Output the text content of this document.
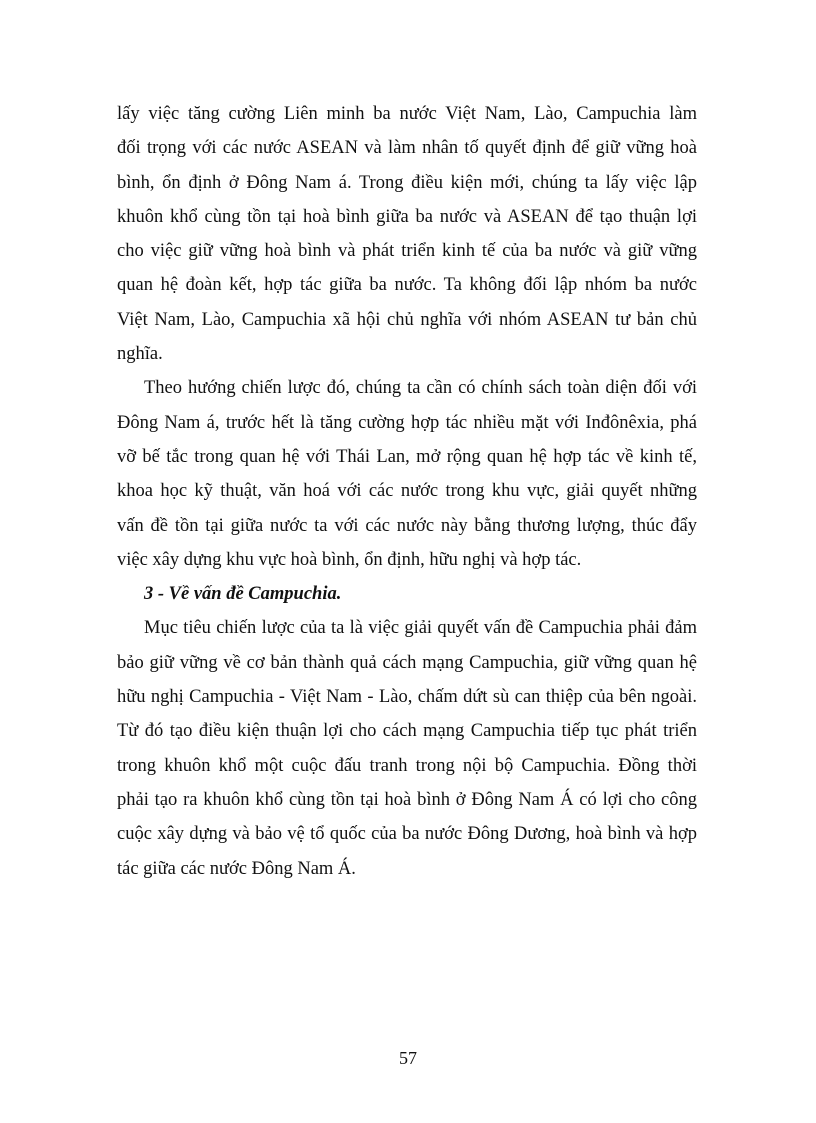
lấy việc tăng cường Liên minh ba nước Việt Nam, Lào, Campuchia làm
đối trọng với các nước ASEAN và làm nhân tố quyết định để giữ vững hoà
bình, ổn định ở Đông Nam á. Trong điều kiện mới, chúng ta lấy việc lập
khuôn khổ cùng tồn tại hoà bình giữa ba nước và ASEAN để tạo thuận lợi
cho việc giữ vững hoà bình và phát triển kinh tế của ba nước và giữ vững
quan hệ đoàn kết, hợp tác giữa ba nước. Ta không đối lập nhóm ba nước
Việt Nam, Lào, Campuchia xã hội chủ nghĩa với nhóm ASEAN tư bản chủ
nghĩa.
Theo hướng chiến lược đó, chúng ta cần có chính sách toàn diện đối với
Đông Nam á, trước hết là tăng cường hợp tác nhiều mặt với Inđônêxia, phá
vỡ bế tắc trong quan hệ với Thái Lan, mở rộng quan hệ hợp tác về kinh tế,
khoa học kỹ thuật, văn hoá với các nước trong khu vực, giải quyết những
vấn đề tồn tại giữa nước ta với các nước này bằng thương lượng, thúc đẩy
việc xây dựng khu vực hoà bình, ổn định, hữu nghị và hợp tác.
3 - Về vấn đề Campuchia.
Mục tiêu chiến lược của ta là việc giải quyết vấn đề Campuchia phải đảm
bảo giữ vững về cơ bản thành quả cách mạng Campuchia, giữ vững quan hệ
hữu nghị Campuchia - Việt Nam - Lào, chấm dứt sù can thiệp của bên ngoài.
Từ đó tạo điều kiện thuận lợi cho cách mạng Campuchia tiếp tục phát triển
trong khuôn khổ một cuộc đấu tranh trong nội bộ Campuchia. Đồng thời
phải tạo ra khuôn khổ cùng tồn tại hoà bình ở Đông Nam Á có lợi cho công
cuộc xây dựng và bảo vệ tổ quốc của ba nước Đông Dương, hoà bình và hợp
tác giữa các nước Đông Nam Á.
57
